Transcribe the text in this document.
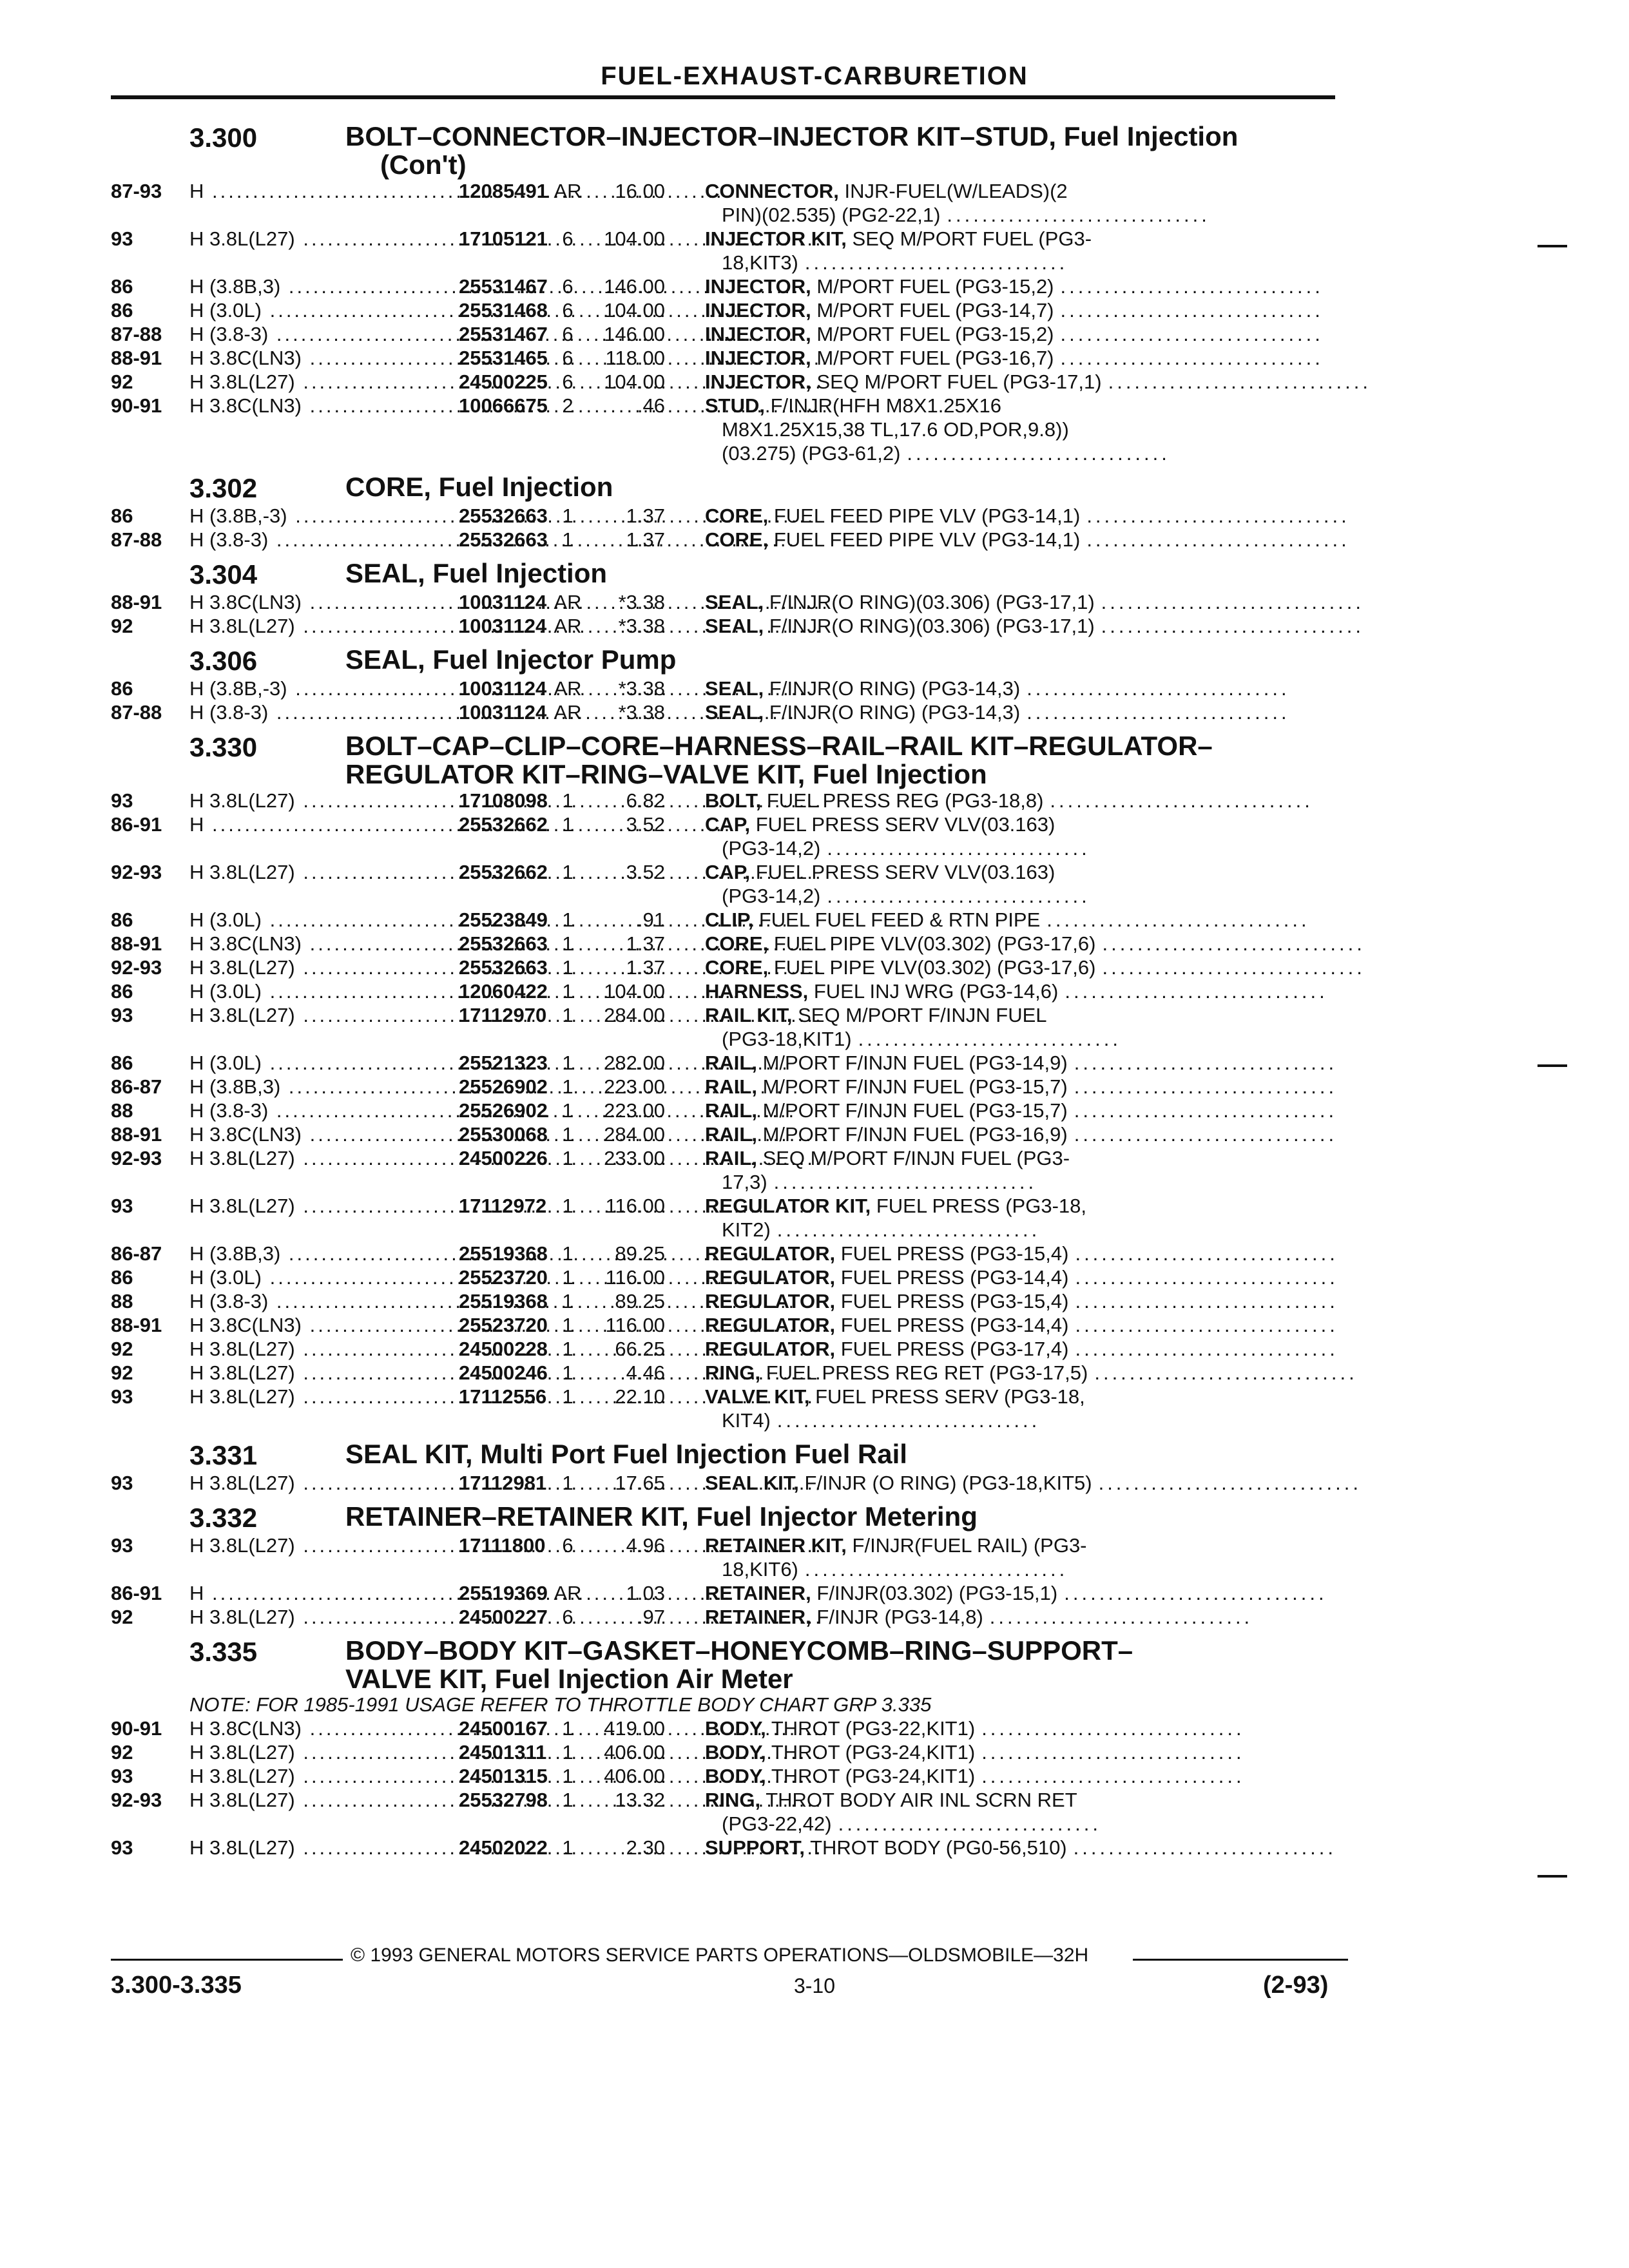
FUEL-EXHAUST-CARBURETION
3.300	BOLT–CONNECTOR–INJECTOR–INJECTOR KIT–STUD, Fuel Injection
(Con't)
87-93	H .....	12085491 AR	16.00 CONNECTOR, INJR-FUEL(W/LEADS)(2
PIN)(02.535) (PG2-22,1) ..............................
93	H 3.8L(L27) .....	17105121 6	104.00 INJECTOR KIT, SEQ M/PORT FUEL (PG3-
18,KIT3) ..............................
86	H (3.8B,3) .....	25531467 6	146.00 INJECTOR, M/PORT FUEL (PG3-15,2) ..............................
86	H (3.0L) .....	25531468 6	104.00 INJECTOR, M/PORT FUEL (PG3-14,7) ..............................
87-88	H (3.8-3) .....	25531467 6	146.00 INJECTOR, M/PORT FUEL (PG3-15,2) ..............................
88-91	H 3.8C(LN3) .....	25531465 6	118.00 INJECTOR, M/PORT FUEL (PG3-16,7) ..............................
92	H 3.8L(L27) .....	24500225 6	104.00 INJECTOR, SEQ M/PORT FUEL (PG3-17,1) ..............................
90-91	H 3.8C(LN3) .....	10066675 2	.46 STUD, F/INJR(HFH M8X1.25X16
M8X1.25X15,38 TL,17.6 OD,POR,9.8))
(03.275) (PG3-61,2) ..............................
3.302	CORE, Fuel Injection
86	H (3.8B,-3) .....	25532663 1	1.37 CORE, FUEL FEED PIPE VLV (PG3-14,1) ..............................
87-88	H (3.8-3) .....	25532663 1	1.37 CORE, FUEL FEED PIPE VLV (PG3-14,1) ..............................
3.304	SEAL, Fuel Injection
88-91	H 3.8C(LN3) .....	10031124 AR	*3.38 SEAL, F/INJR(O RING)(03.306) (PG3-17,1) ..............................
92	H 3.8L(L27) .....	10031124 AR	*3.38 SEAL, F/INJR(O RING)(03.306) (PG3-17,1) ..............................
3.306	SEAL, Fuel Injector Pump
86	H (3.8B,-3) .....	10031124 AR	*3.38 SEAL, F/INJR(O RING) (PG3-14,3) ..............................
87-88	H (3.8-3) .....	10031124 AR	*3.38 SEAL, F/INJR(O RING) (PG3-14,3) ..............................
3.330	BOLT–CAP–CLIP–CORE–HARNESS–RAIL–RAIL KIT–REGULATOR–
REGULATOR KIT–RING–VALVE KIT, Fuel Injection
93	H 3.8L(L27) .....	17108098 1	6.82 BOLT, FUEL PRESS REG (PG3-18,8) ..............................
86-91	H .....	25532662 1	3.52 CAP, FUEL PRESS SERV VLV(03.163)
(PG3-14,2) ..............................
92-93	H 3.8L(L27) .....	25532662 1	3.52 CAP, FUEL PRESS SERV VLV(03.163)
(PG3-14,2) ..............................
86	H (3.0L) .....	25523849 1	.91 CLIP, FUEL FUEL FEED & RTN PIPE ..............................
88-91	H 3.8C(LN3) .....	25532663 1	1.37 CORE, FUEL PIPE VLV(03.302) (PG3-17,6) ..............................
92-93	H 3.8L(L27) .....	25532663 1	1.37 CORE, FUEL PIPE VLV(03.302) (PG3-17,6) ..............................
86	H (3.0L) .....	12060422 1	104.00 HARNESS, FUEL INJ WRG (PG3-14,6) ..............................
93	H 3.8L(L27) .....	17112970 1	284.00 RAIL KIT, SEQ M/PORT F/INJN FUEL
(PG3-18,KIT1) ..............................
86	H (3.0L) .....	25521323 1	282.00 RAIL, M/PORT F/INJN FUEL (PG3-14,9) ..............................
86-87	H (3.8B,3) .....	25526902 1	223.00 RAIL, M/PORT F/INJN FUEL (PG3-15,7) ..............................
88	H (3.8-3) .....	25526902 1	223.00 RAIL, M/PORT F/INJN FUEL (PG3-15,7) ..............................
88-91	H 3.8C(LN3) .....	25530068 1	284.00 RAIL, M/PORT F/INJN FUEL (PG3-16,9) ..............................
92-93	H 3.8L(L27) .....	24500226 1	233.00 RAIL, SEQ M/PORT F/INJN FUEL (PG3-
17,3) ..............................
93	H 3.8L(L27) .....	17112972 1	116.00 REGULATOR KIT, FUEL PRESS (PG3-18,
KIT2) ..............................
86-87	H (3.8B,3) .....	25519368 1	89.25 REGULATOR, FUEL PRESS (PG3-15,4) ..............................
86	H (3.0L) .....	25523720 1	116.00 REGULATOR, FUEL PRESS (PG3-14,4) ..............................
88	H (3.8-3) .....	25519368 1	89.25 REGULATOR, FUEL PRESS (PG3-15,4) ..............................
88-91	H 3.8C(LN3) .....	25523720 1	116.00 REGULATOR, FUEL PRESS (PG3-14,4) ..............................
92	H 3.8L(L27) .....	24500228 1	66.25 REGULATOR, FUEL PRESS (PG3-17,4) ..............................
92	H 3.8L(L27) .....	24500246 1	4.46 RING, FUEL PRESS REG RET (PG3-17,5) ..............................
93	H 3.8L(L27) .....	17112556 1	22.10 VALVE KIT, FUEL PRESS SERV (PG3-18,
KIT4) ..............................
3.331	SEAL KIT, Multi Port Fuel Injection Fuel Rail
93	H 3.8L(L27) .....	17112981 1	17.65 SEAL KIT, F/INJR (O RING) (PG3-18,KIT5) ..............................
3.332	RETAINER–RETAINER KIT, Fuel Injector Metering
93	H 3.8L(L27) .....	17111800 6	4.96 RETAINER KIT, F/INJR(FUEL RAIL) (PG3-
18,KIT6) ..............................
86-91	H .....	25519369 AR	1.03 RETAINER, F/INJR(03.302) (PG3-15,1) ..............................
92	H 3.8L(L27) .....	24500227 6	.97 RETAINER, F/INJR (PG3-14,8) ..............................
3.335	BODY–BODY KIT–GASKET–HONEYCOMB–RING–SUPPORT–
VALVE KIT, Fuel Injection Air Meter
NOTE: FOR 1985-1991 USAGE REFER TO THROTTLE BODY CHART GRP 3.335
90-91	H 3.8C(LN3) .....	24500167 1	419.00 BODY, THROT (PG3-22,KIT1) ..............................
92	H 3.8L(L27) .....	24501311 1	406.00 BODY, THROT (PG3-24,KIT1) ..............................
93	H 3.8L(L27) .....	24501315 1	406.00 BODY, THROT (PG3-24,KIT1) ..............................
92-93	H 3.8L(L27) .....	25532798 1	13.32 RING, THROT BODY AIR INL SCRN RET
(PG3-22,42) ..............................
93	H 3.8L(L27) .....	24502022 1	2.30 SUPPORT, THROT BODY (PG0-56,510) ..............................
© 1993 GENERAL MOTORS SERVICE PARTS OPERATIONS—OLDSMOBILE—32H
3.300-3.335	3-10	(2-93)
